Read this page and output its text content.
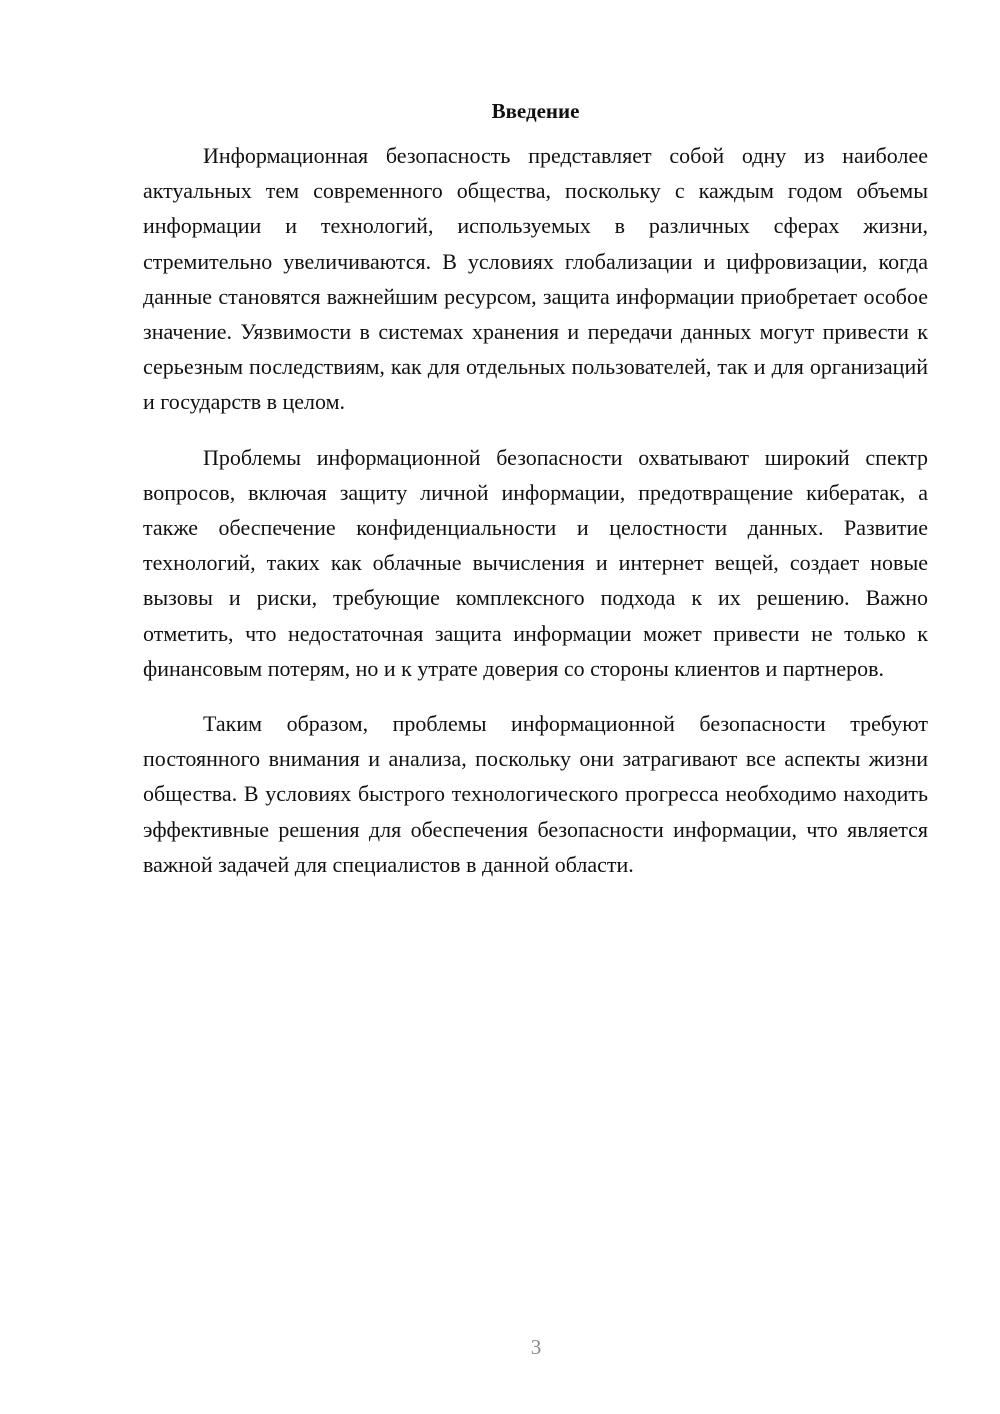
Введение

Информационная безопасность представляет собой одну из наиболее актуальных тем современного общества, поскольку с каждым годом объемы информации и технологий, используемых в различных сферах жизни, стремительно увеличиваются. В условиях глобализации и цифровизации, когда данные становятся важнейшим ресурсом, защита информации приобретает особое значение. Уязвимости в системах хранения и передачи данных могут привести к серьезным последствиям, как для отдельных пользователей, так и для организаций и государств в целом.

Проблемы информационной безопасности охватывают широкий спектр вопросов, включая защиту личной информации, предотвращение кибератак, а также обеспечение конфиденциальности и целостности данных. Развитие технологий, таких как облачные вычисления и интернет вещей, создает новые вызовы и риски, требующие комплексного подхода к их решению. Важно отметить, что недостаточная защита информации может привести не только к финансовым потерям, но и к утрате доверия со стороны клиентов и партнеров.

Таким образом, проблемы информационной безопасности требуют постоянного внимания и анализа, поскольку они затрагивают все аспекты жизни общества. В условиях быстрого технологического прогресса необходимо находить эффективные решения для обеспечения безопасности информации, что является важной задачей для специалистов в данной области.

3
